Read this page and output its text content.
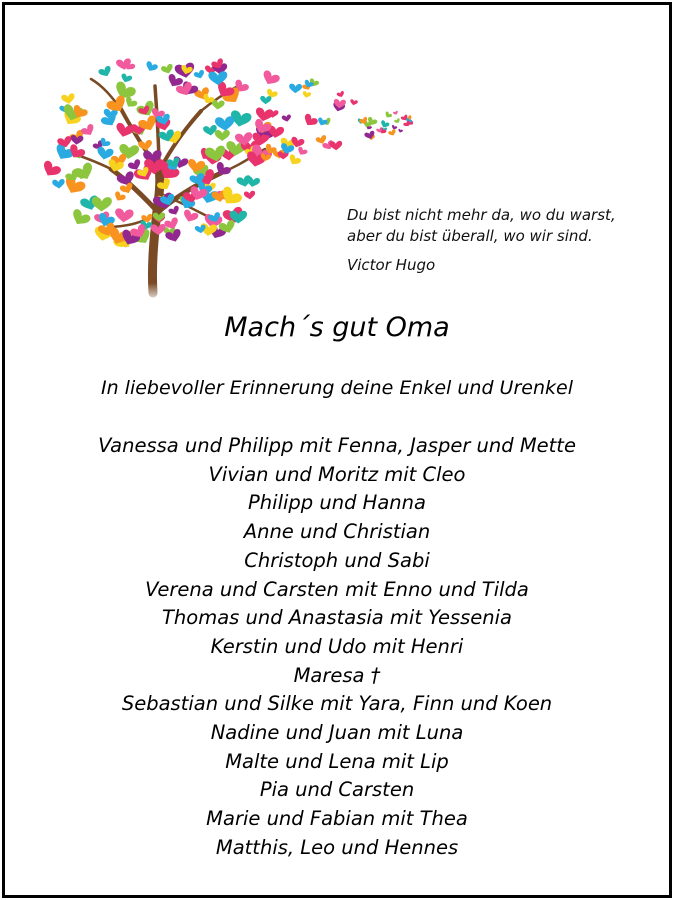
Du bist nicht mehr da, wo du warst,
aber du bist überall, wo wir sind.
Victor Hugo
Mach´s gut Oma
In liebevoller Erinnerung deine Enkel und Urenkel
Vanessa und Philipp mit Fenna, Jasper und Mette
Vivian und Moritz mit Cleo
Philipp und Hanna
Anne und Christian
Christoph und Sabi
Verena und Carsten mit Enno und Tilda
Thomas und Anastasia mit Yessenia
Kerstin und Udo mit Henri
Maresa †
Sebastian und Silke mit Yara, Finn und Koen
Nadine und Juan mit Luna
Malte und Lena mit Lip
Pia und Carsten
Marie und Fabian mit Thea
Matthis, Leo und Hennes
